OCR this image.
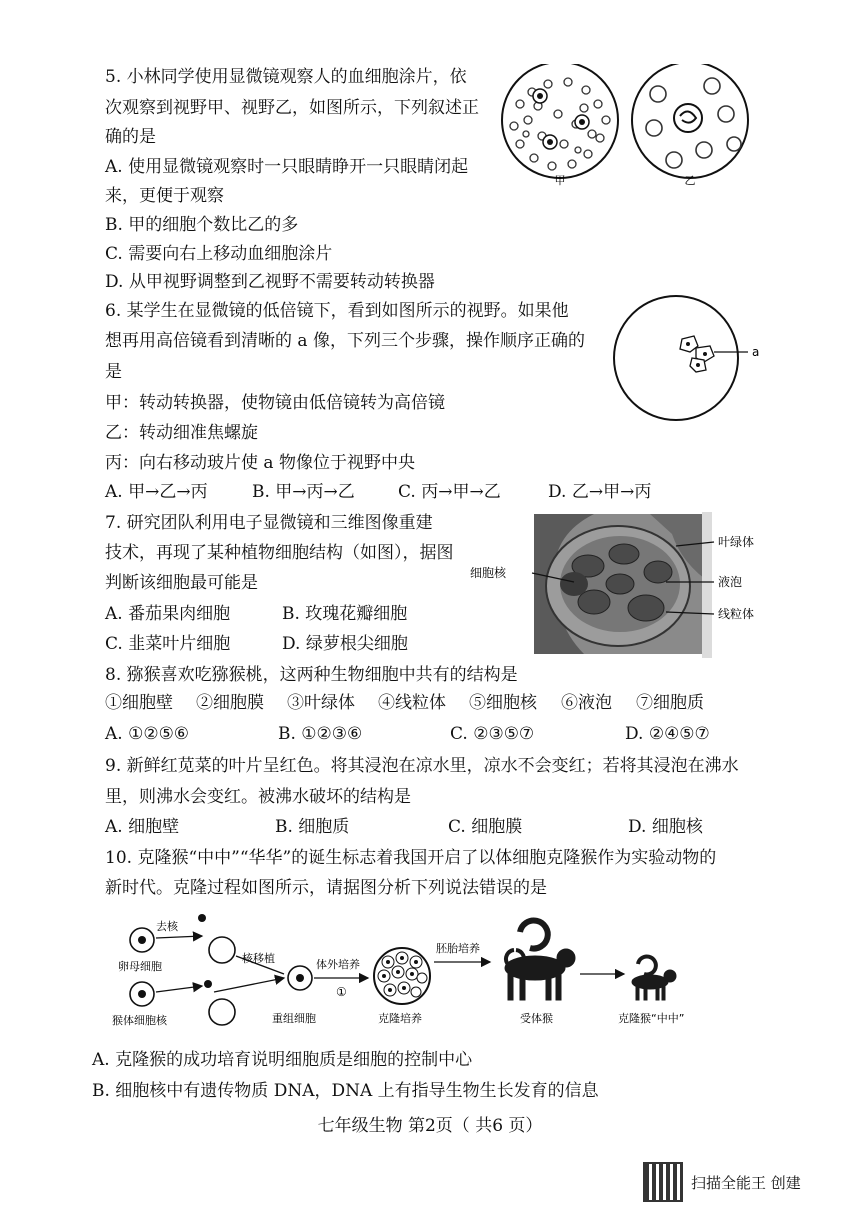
5. 小林同学使用显微镜观察人的血细胞涂片，依
次观察到视野甲、视野乙，如图所示，下列叙述正
确的是
A. 使用显微镜观察时一只眼睛睁开一只眼睛闭起
来，更便于观察
B. 甲的细胞个数比乙的多
C. 需要向右上移动血细胞涂片
D. 从甲视野调整到乙视野不需要转动转换器
甲	乙
6. 某学生在显微镜的低倍镜下，看到如图所示的视野。如果他
想再用高倍镜看到清晰的 a 像，下列三个步骤，操作顺序正确的
是
甲：转动转换器，使物镜由低倍镜转为高倍镜
乙：转动细准焦螺旋
丙：向右移动玻片使 a 物像位于视野中央
A. 甲→乙→丙	B. 甲→丙→乙	C. 丙→甲→乙	D. 乙→甲→丙
a
7. 研究团队利用电子显微镜和三维图像重建
技术，再现了某种植物细胞结构（如图），据图
判断该细胞最可能是
A. 番茄果肉细胞	B. 玫瑰花瓣细胞
C. 韭菜叶片细胞	D. 绿萝根尖细胞
叶绿体
细胞核
液泡
线粒体
8. 猕猴喜欢吃猕猴桃，这两种生物细胞中共有的结构是
①细胞壁 ②细胞膜 ③叶绿体 ④线粒体 ⑤细胞核 ⑥液泡 ⑦细胞质
A. ①②⑤⑥	B. ①②③⑥	C. ②③⑤⑦	D. ②④⑤⑦
9. 新鲜红苋菜的叶片呈红色。将其浸泡在凉水里，凉水不会变红；若将其浸泡在沸水
里，则沸水会变红。被沸水破坏的结构是
A. 细胞壁	B. 细胞质	C. 细胞膜	D. 细胞核
10. 克隆猴“中中”“华华”的诞生标志着我国开启了以体细胞克隆猴作为实验动物的
新时代。克隆过程如图所示，请据图分析下列说法错误的是
卵母细胞
猴体细胞核
去核
核移植
重组细胞
体外培养
①
克隆培养
胚胎培养
受体猴	克隆猴“中中”
A. 克隆猴的成功培育说明细胞质是细胞的控制中心
B. 细胞核中有遗传物质 DNA，DNA 上有指导生物生长发育的信息
七年级生物 第2页（ 共6 页）
扫描全能王 创建
